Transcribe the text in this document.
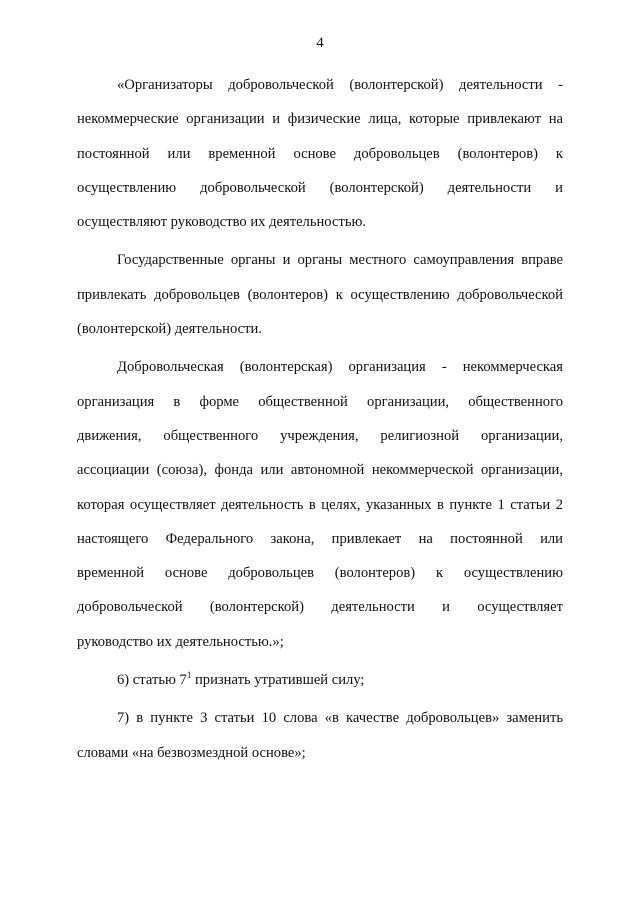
4
«Организаторы добровольческой (волонтерской) деятельности -
некоммерческие организации и физические лица, которые привлекают на
постоянной или временной основе добровольцев (волонтеров) к
осуществлению добровольческой (волонтерской) деятельности и
осуществляют руководство их деятельностью.
Государственные органы и органы местного самоуправления вправе
привлекать добровольцев (волонтеров) к осуществлению добровольческой
(волонтерской) деятельности.
Добровольческая (волонтерская) организация - некоммерческая
организация в форме общественной организации, общественного
движения, общественного учреждения, религиозной организации,
ассоциации (союза), фонда или автономной некоммерческой организации,
которая осуществляет деятельность в целях, указанных в пункте 1 статьи 2
настоящего Федерального закона, привлекает на постоянной или
временной основе добровольцев (волонтеров) к осуществлению
добровольческой (волонтерской) деятельности и осуществляет
руководство их деятельностью.»;
6) статью $7^1$ признать утратившей силу;
7) в пункте 3 статьи 10 слова «в качестве добровольцев» заменить
словами «на безвозмездной основе»;
